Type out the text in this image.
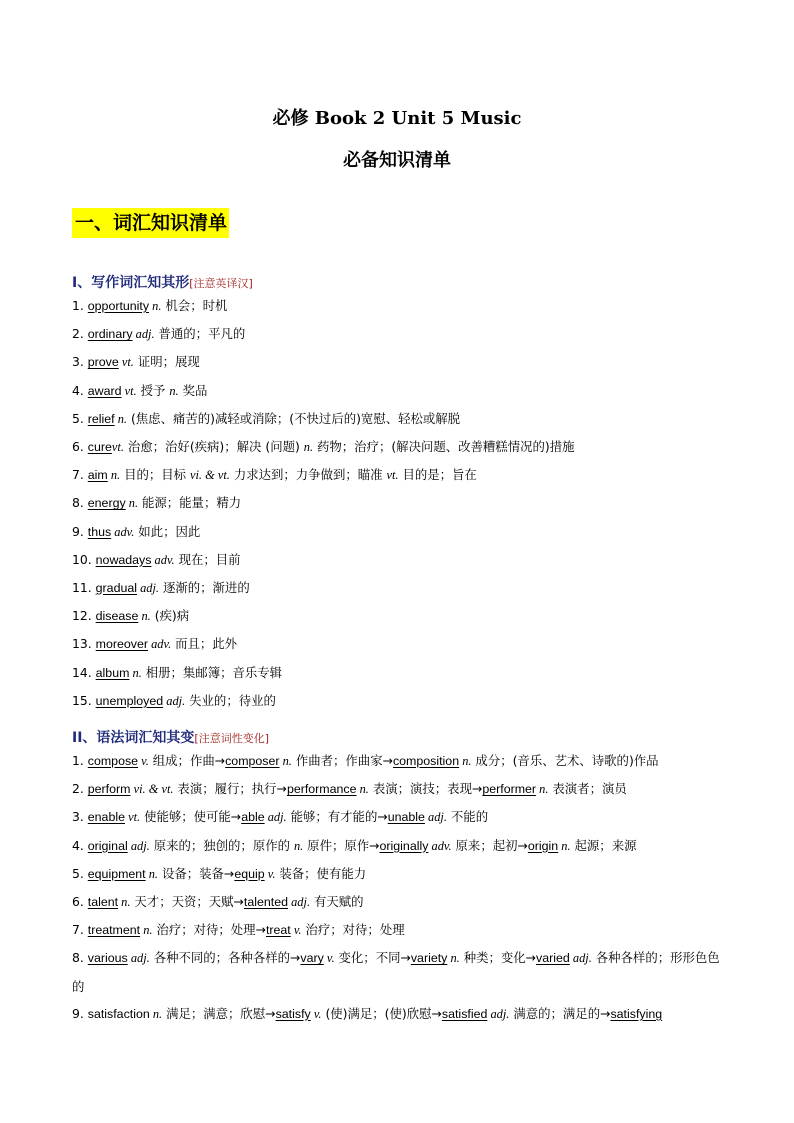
必修 Book 2 Unit 5 Music
必备知识清单
一、词汇知识清单
I、写作词汇知其形[注意英译汉]
1. opportunity n. 机会；时机
2. ordinary adj. 普通的；平凡的
3. prove vt. 证明；展现
4. award vt. 授予 n. 奖品
5. relief n. (焦虑、痛苦的)减轻或消除；(不快过后的)宽慰、轻松或解脱
6. curevt. 治愈；治好(疾病)；解决 (问题) n. 药物；治疗；(解决问题、改善糟糕情况的)措施
7. aim n. 目的；目标 vi. & vt. 力求达到；力争做到；瞄准 vt. 目的是；旨在
8. energy n. 能源；能量；精力
9. thus adv. 如此；因此
10. nowadays adv. 现在；目前
11. gradual adj. 逐渐的；渐进的
12. disease n. (疾)病
13. moreover adv. 而且；此外
14. album n. 相册；集邮簿；音乐专辑
15. unemployed adj. 失业的；待业的
II、语法词汇知其变[注意词性变化]
1. compose v. 组成；作曲→composer n. 作曲者；作曲家→composition n. 成分；(音乐、艺术、诗歌的)作品
2. perform vi. & vt. 表演；履行；执行→performance n. 表演；演技；表现→performer n. 表演者；演员
3. enable vt. 使能够；使可能→able adj. 能够；有才能的→unable adj. 不能的
4. original adj. 原来的；独创的；原作的 n. 原件；原作→originally adv. 原来；起初→origin n. 起源；来源
5. equipment n. 设备；装备→equip v. 装备；使有能力
6. talent n. 天才；天资；天赋→talented adj. 有天赋的
7. treatment n. 治疗；对待；处理→treat v. 治疗；对待；处理
8. various adj. 各种不同的；各种各样的→vary v. 变化；不同→variety n. 种类；变化→varied adj. 各种各样的；形形色色的
9. satisfaction n. 满足；满意；欣慰→satisfy v. (使)满足；(使)欣慰→satisfied adj. 满意的；满足的→satisfying
